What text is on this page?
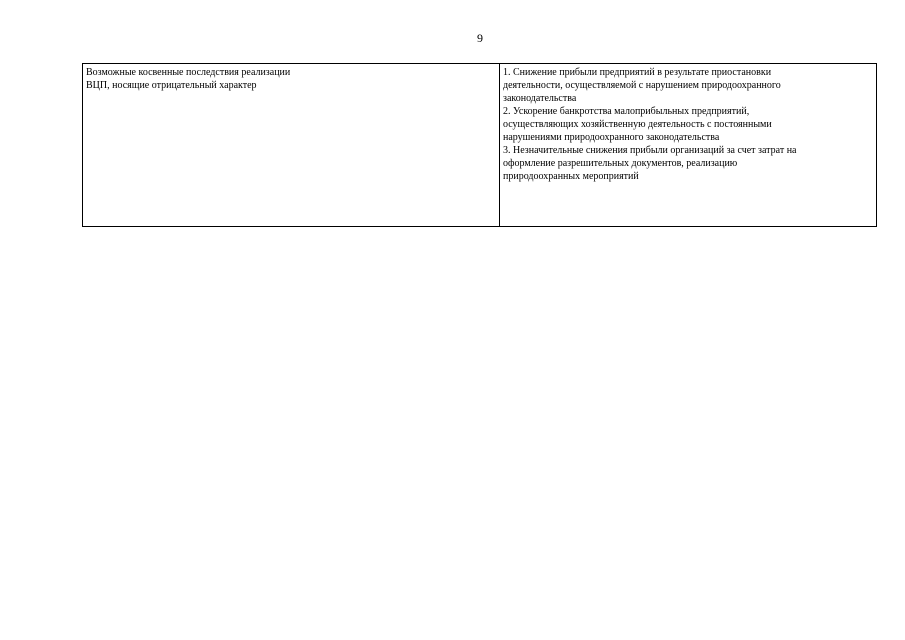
9
Возможные косвенные последствия реализации
ВЦП, носящие отрицательный характер

1. Снижение прибыли предприятий в результате приостановки
деятельности, осуществляемой с нарушением природоохранного
законодательства
2. Ускорение банкротства малоприбыльных предприятий,
осуществляющих хозяйственную деятельность с постоянными
нарушениями природоохранного законодательства
3. Незначительные снижения прибыли организаций за счет затрат на
оформление разрешительных документов, реализацию
природоохранных мероприятий
